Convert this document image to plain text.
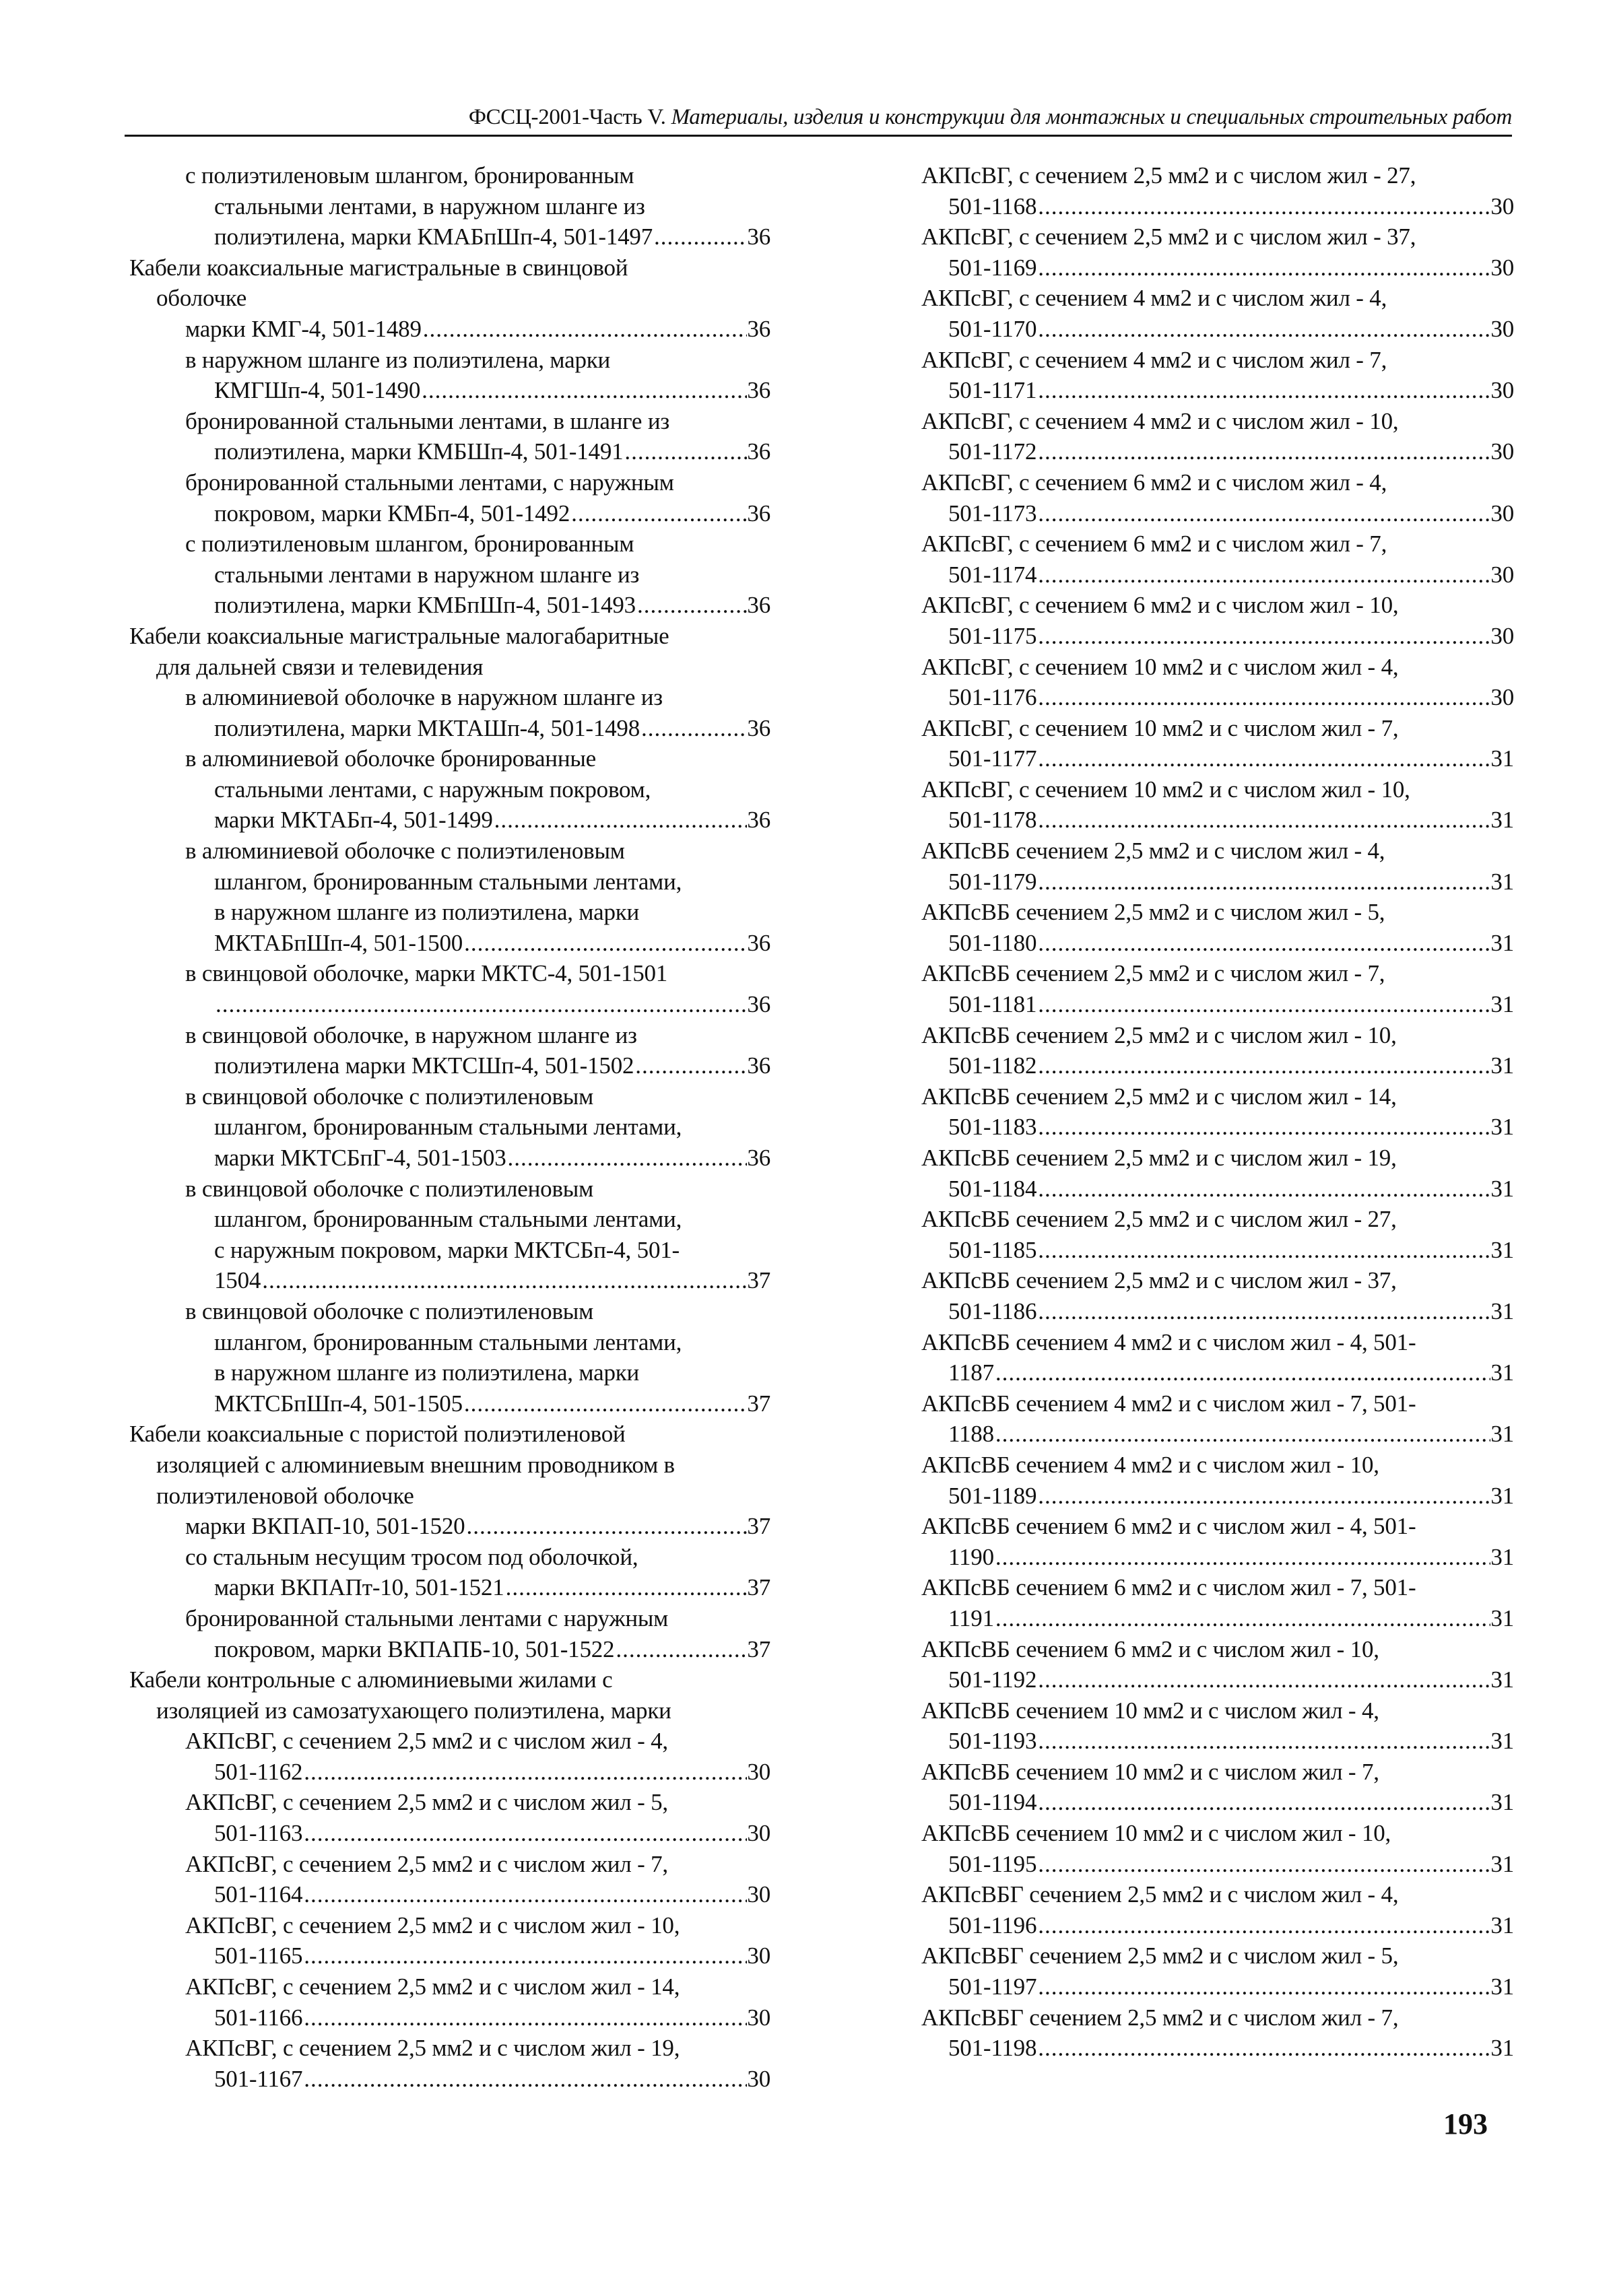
ФССЦ-2001-Часть V. Материалы, изделия и конструкции для монтажных и специальных строительных работ
с полиэтиленовым шлангом, бронированным
стальными лентами, в наружном шланге из
полиэтилена, марки КМАБпШп-4, 501-1497 .....	36
Кабели коаксиальные магистральные в свинцовой
оболочке
марки КМГ-4, 501-1489 .....	36
в наружном шланге из полиэтилена, марки
КМГШп-4, 501-1490 .....	36
бронированной стальными лентами, в шланге из
полиэтилена, марки КМБШп-4, 501-1491 .....	36
бронированной стальными лентами, с наружным
покровом, марки КМБп-4, 501-1492 .....	36
с полиэтиленовым шлангом, бронированным
стальными лентами в наружном шланге из
полиэтилена, марки КМБпШп-4, 501-1493 .....	36
Кабели коаксиальные магистральные малогабаритные
для дальней связи и телевидения
в алюминиевой оболочке в наружном шланге из
полиэтилена, марки МКТАШп-4, 501-1498 .....	36
в алюминиевой оболочке бронированные
стальными лентами, с наружным покровом,
марки МКТАБп-4, 501-1499 .....	36
в алюминиевой оболочке с полиэтиленовым
шлангом, бронированным стальными лентами,
в наружном шланге из полиэтилена, марки
МКТАБпШп-4, 501-1500 .....	36
в свинцовой оболочке, марки МКТС-4, 501-1501
.....
36
в свинцовой оболочке, в наружном шланге из
полиэтилена марки МКТСШп-4, 501-1502 .....	36
в свинцовой оболочке с полиэтиленовым
шлангом, бронированным стальными лентами,
марки МКТСБпГ-4, 501-1503 .....	36
в свинцовой оболочке с полиэтиленовым
шлангом, бронированным стальными лентами,
с наружным покровом, марки МКТСБп-4, 501-
1504 .....	37
в свинцовой оболочке с полиэтиленовым
шлангом, бронированным стальными лентами,
в наружном шланге из полиэтилена, марки
МКТСБпШп-4, 501-1505 .....	37
Кабели коаксиальные с пористой полиэтиленовой
изоляцией с алюминиевым внешним проводником в
полиэтиленовой оболочке
марки ВКПАП-10, 501-1520 .....	37
со стальным несущим тросом под оболочкой,
марки ВКПАПт-10, 501-1521 .....	37
бронированной стальными лентами с наружным
покровом, марки ВКПАПБ-10, 501-1522 .....	37
Кабели контрольные с алюминиевыми жилами с
изоляцией из самозатухающего полиэтилена, марки
АКПсВГ, с сечением 2,5 мм2 и с числом жил - 4,
501-1162 .....	30
АКПсВГ, с сечением 2,5 мм2 и с числом жил - 5,
501-1163 .....	30
АКПсВГ, с сечением 2,5 мм2 и с числом жил - 7,
501-1164 .....	30
АКПсВГ, с сечением 2,5 мм2 и с числом жил - 10,
501-1165 .....	30
АКПсВГ, с сечением 2,5 мм2 и с числом жил - 14,
501-1166 .....	30
АКПсВГ, с сечением 2,5 мм2 и с числом жил - 19,
501-1167 .....	30
АКПсВГ, с сечением 2,5 мм2 и с числом жил - 27,
501-1168 .....	30
АКПсВГ, с сечением 2,5 мм2 и с числом жил - 37,
501-1169 .....	30
АКПсВГ, с сечением 4 мм2 и с числом жил - 4,
501-1170 .....	30
АКПсВГ, с сечением 4 мм2 и с числом жил - 7,
501-1171 .....	30
АКПсВГ, с сечением 4 мм2 и с числом жил - 10,
501-1172 .....	30
АКПсВГ, с сечением 6 мм2 и с числом жил - 4,
501-1173 .....	30
АКПсВГ, с сечением 6 мм2 и с числом жил - 7,
501-1174 .....	30
АКПсВГ, с сечением 6 мм2 и с числом жил - 10,
501-1175 .....	30
АКПсВГ, с сечением 10 мм2 и с числом жил - 4,
501-1176 .....	30
АКПсВГ, с сечением 10 мм2 и с числом жил - 7,
501-1177 .....	31
АКПсВГ, с сечением 10 мм2 и с числом жил - 10,
501-1178 .....	31
АКПсВБ сечением 2,5 мм2 и с числом жил - 4,
501-1179 .....	31
АКПсВБ сечением 2,5 мм2 и с числом жил - 5,
501-1180 .....	31
АКПсВБ сечением 2,5 мм2 и с числом жил - 7,
501-1181 .....	31
АКПсВБ сечением 2,5 мм2 и с числом жил - 10,
501-1182 .....	31
АКПсВБ сечением 2,5 мм2 и с числом жил - 14,
501-1183 .....	31
АКПсВБ сечением 2,5 мм2 и с числом жил - 19,
501-1184 .....	31
АКПсВБ сечением 2,5 мм2 и с числом жил - 27,
501-1185 .....	31
АКПсВБ сечением 2,5 мм2 и с числом жил - 37,
501-1186 .....	31
АКПсВБ сечением 4 мм2 и с числом жил - 4, 501-
1187 .....	31
АКПсВБ сечением 4 мм2 и с числом жил - 7, 501-
1188 .....	31
АКПсВБ сечением 4 мм2 и с числом жил - 10,
501-1189 .....	31
АКПсВБ сечением 6 мм2 и с числом жил - 4, 501-
1190 .....	31
АКПсВБ сечением 6 мм2 и с числом жил - 7, 501-
1191 .....	31
АКПсВБ сечением 6 мм2 и с числом жил - 10,
501-1192 .....	31
АКПсВБ сечением 10 мм2 и с числом жил - 4,
501-1193 .....	31
АКПсВБ сечением 10 мм2 и с числом жил - 7,
501-1194 .....	31
АКПсВБ сечением 10 мм2 и с числом жил - 10,
501-1195 .....	31
АКПсВБГ сечением 2,5 мм2 и с числом жил - 4,
501-1196 .....	31
АКПсВБГ сечением 2,5 мм2 и с числом жил - 5,
501-1197 .....	31
АКПсВБГ сечением 2,5 мм2 и с числом жил - 7,
501-1198 .....	31
193
